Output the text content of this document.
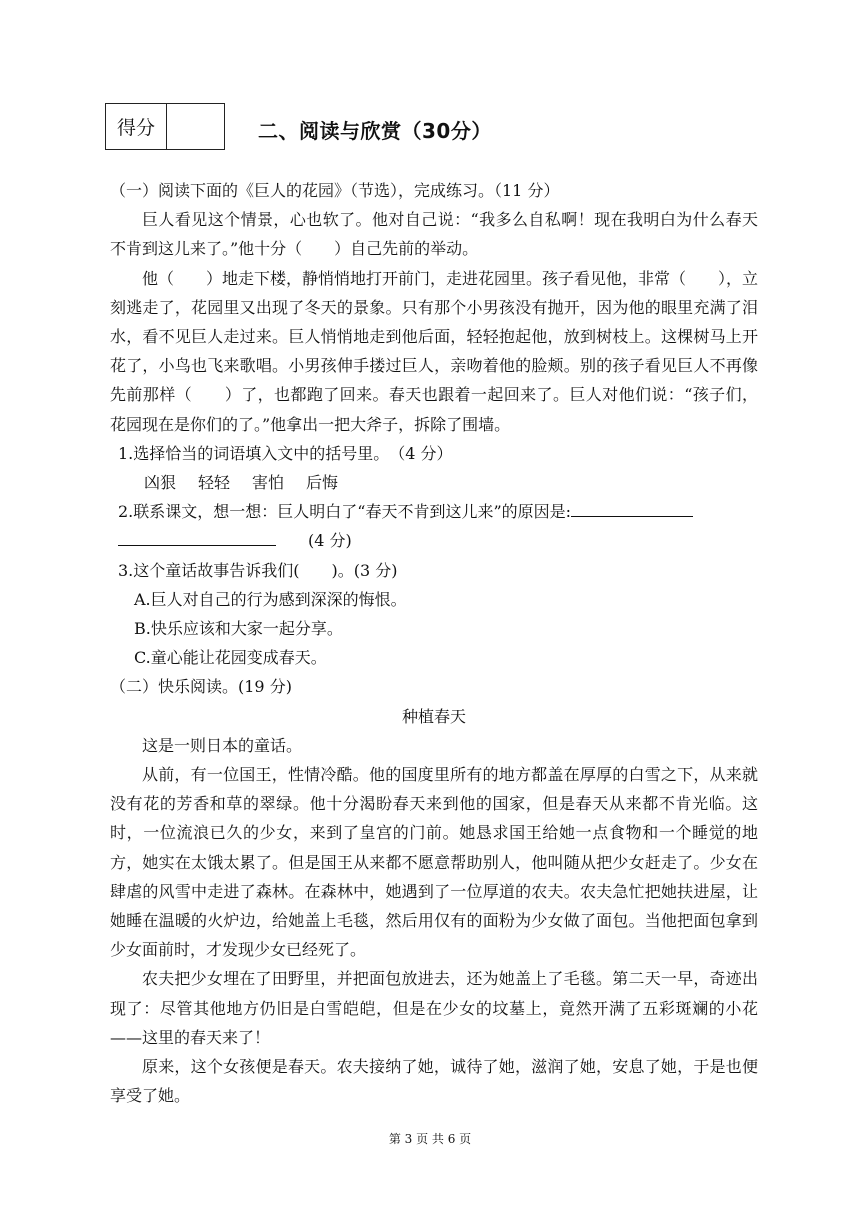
得分	二、阅读与欣赏（30分）

（一）阅读下面的《巨人的花园》（节选），完成练习。（11 分）

巨人看见这个情景，心也软了。他对自己说：“我多么自私啊！现在我明白为什么春天不肯到这儿来了。”他十分（　　）自己先前的举动。

他（　　）地走下楼，静悄悄地打开前门，走进花园里。孩子看见他，非常（　　），立刻逃走了，花园里又出现了冬天的景象。只有那个小男孩没有抛开，因为他的眼里充满了泪水，看不见巨人走过来。巨人悄悄地走到他后面，轻轻抱起他，放到树枝上。这棵树马上开花了，小鸟也飞来歌唱。小男孩伸手搂过巨人，亲吻着他的脸颊。别的孩子看见巨人不再像先前那样（　　）了，也都跑了回来。春天也跟着一起回来了。巨人对他们说：“孩子们，花园现在是你们的了。”他拿出一把大斧子，拆除了围墙。

1.选择恰当的词语填入文中的括号里。　（4 分）

凶狠 轻轻 害怕 后悔

2.联系课文，想一想：巨人明白了“春天不肯到这儿来”的原因是:

　　(4 分)

3.这个童话故事告诉我们(　　)。(3 分)

A.巨人对自己的行为感到深深的悔恨。

B.快乐应该和大家一起分享。

C.童心能让花园变成春天。

（二）快乐阅读。(19 分)

种植春天

这是一则日本的童话。

从前，有一位国王，性情冷酷。他的国度里所有的地方都盖在厚厚的白雪之下，从来就没有花的芳香和草的翠绿。他十分渴盼春天来到他的国家，但是春天从来都不肯光临。这时，一位流浪已久的少女，来到了皇宫的门前。她恳求国王给她一点食物和一个睡觉的地方，她实在太饿太累了。但是国王从来都不愿意帮助别人，他叫随从把少女赶走了。少女在肆虐的风雪中走进了森林。在森林中，她遇到了一位厚道的农夫。农夫急忙把她扶进屋，让她睡在温暖的火炉边，给她盖上毛毯，然后用仅有的面粉为少女做了面包。当他把面包拿到少女面前时，才发现少女已经死了。

农夫把少女埋在了田野里，并把面包放进去，还为她盖上了毛毯。第二天一早，奇迹出现了：尽管其他地方仍旧是白雪皑皑，但是在少女的坟墓上，竟然开满了五彩斑斓的小花——这里的春天来了！

原来，这个女孩便是春天。农夫接纳了她，诚待了她，滋润了她，安息了她，于是也便享受了她。

第 3 页 共 6 页
